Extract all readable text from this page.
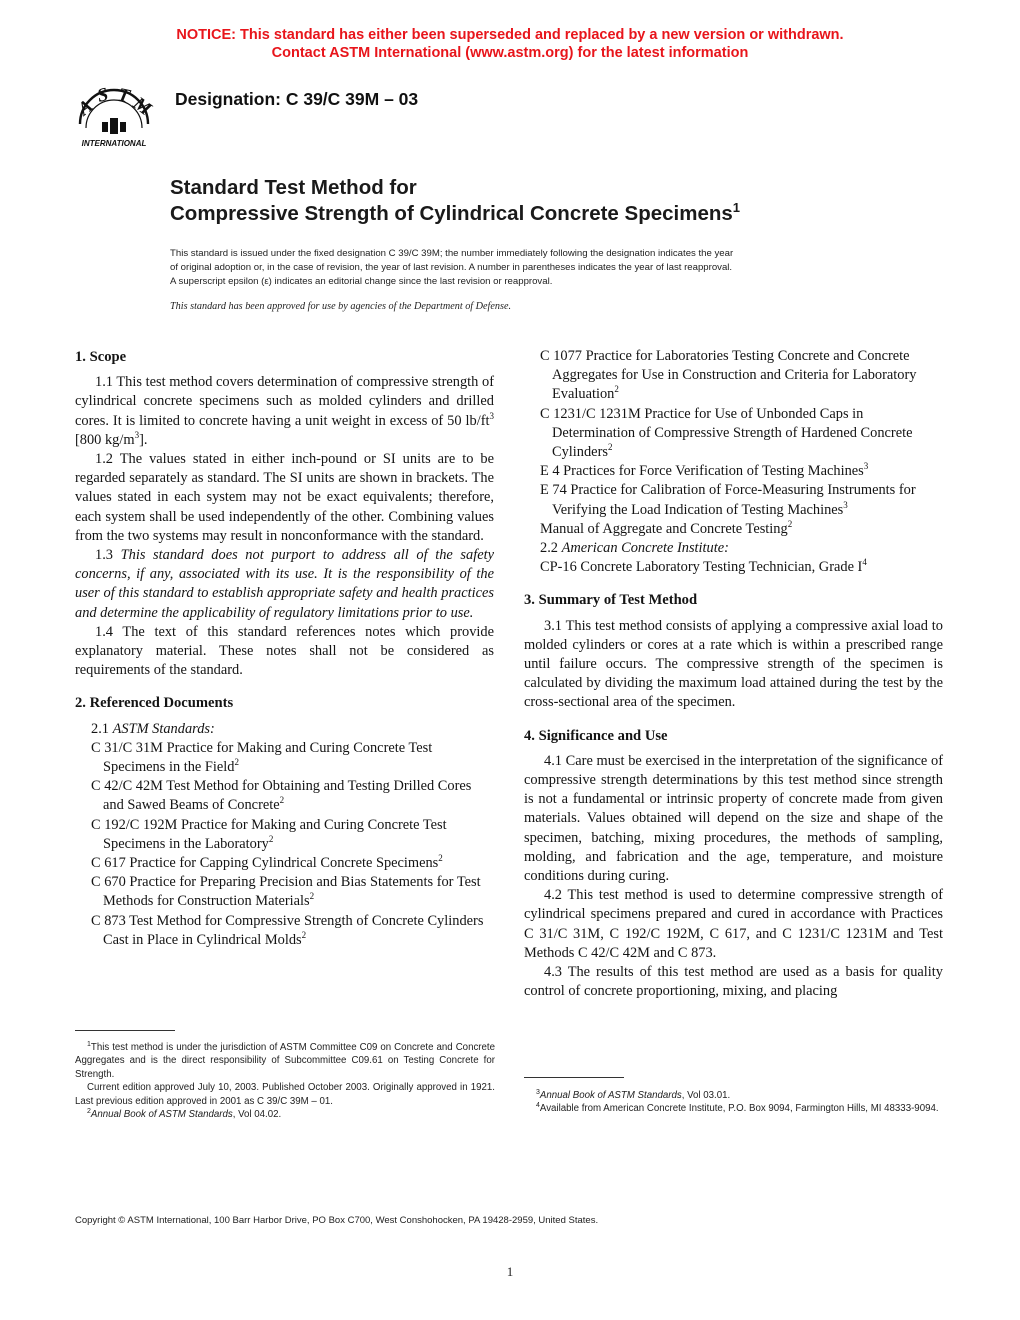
NOTICE: This standard has either been superseded and replaced by a new version or withdrawn.
Contact ASTM International (www.astm.org) for the latest information
A
S T
M
INTERNATIONAL
Designation: C 39/C 39M – 03
Standard Test Method for
Compressive Strength of Cylindrical Concrete Specimens$^1$
This standard is issued under the fixed designation C 39/C 39M; the number immediately following the designation indicates the year
of original adoption or, in the case of revision, the year of last revision. A number in parentheses indicates the year of last reapproval.
A superscript epsilon (ε) indicates an editorial change since the last revision or reapproval.
This standard has been approved for use by agencies of the Department of Defense.
1. Scope
1.1 This test method covers determination of compressive strength of cylindrical concrete specimens such as molded cylinders and drilled cores. It is limited to concrete having a unit weight in excess of 50 $lb/ft^3$ [800 $kg/m^3$].
1.2 The values stated in either inch-pound or SI units are to be regarded separately as standard. The SI units are shown in brackets. The values stated in each system may not be exact equivalents; therefore, each system shall be used independently of the other. Combining values from the two systems may result in nonconformance with the standard.
1.3 This standard does not purport to address all of the safety concerns, if any, associated with its use. It is the responsibility of the user of this standard to establish appropriate safety and health practices and determine the applicability of regulatory limitations prior to use.
1.4 The text of this standard references notes which provide explanatory material. These notes shall not be considered as requirements of the standard.
2. Referenced Documents
2.1 ASTM Standards:
C 31/C 31M Practice for Making and Curing Concrete Test Specimens in the Field$^2$
C 42/C 42M Test Method for Obtaining and Testing Drilled Cores and Sawed Beams of Concrete$^2$
C 192/C 192M Practice for Making and Curing Concrete Test Specimens in the Laboratory$^2$
C 617 Practice for Capping Cylindrical Concrete Specimens$^2$
C 670 Practice for Preparing Precision and Bias Statements for Test Methods for Construction Materials$^2$
C 873 Test Method for Compressive Strength of Concrete Cylinders Cast in Place in Cylindrical Molds$^2$
$^1$This test method is under the jurisdiction of ASTM Committee C09 on Concrete and Concrete Aggregates and is the direct responsibility of Subcommittee C09.61 on Testing Concrete for Strength.
Current edition approved July 10, 2003. Published October 2003. Originally approved in 1921. Last previous edition approved in 2001 as C 39/C 39M – 01.
$^2$Annual Book of ASTM Standards, Vol 04.02.
C 1077 Practice for Laboratories Testing Concrete and Concrete Aggregates for Use in Construction and Criteria for Laboratory Evaluation$^2$
C 1231/C 1231M Practice for Use of Unbonded Caps in Determination of Compressive Strength of Hardened Concrete Cylinders$^2$
E 4 Practices for Force Verification of Testing Machines$^3$
E 74 Practice for Calibration of Force-Measuring Instruments for Verifying the Load Indication of Testing Machines$^3$
Manual of Aggregate and Concrete Testing$^2$
2.2 American Concrete Institute:
CP-16 Concrete Laboratory Testing Technician, Grade $I^4$
3. Summary of Test Method
3.1 This test method consists of applying a compressive axial load to molded cylinders or cores at a rate which is within a prescribed range until failure occurs. The compressive strength of the specimen is calculated by dividing the maximum load attained during the test by the cross-sectional area of the specimen.
4. Significance and Use
4.1 Care must be exercised in the interpretation of the significance of compressive strength determinations by this test method since strength is not a fundamental or intrinsic property of concrete made from given materials. Values obtained will depend on the size and shape of the specimen, batching, mixing procedures, the methods of sampling, molding, and fabrication and the age, temperature, and moisture conditions during curing.
4.2 This test method is used to determine compressive strength of cylindrical specimens prepared and cured in accordance with Practices C 31/C 31M, C 192/C 192M, C 617, and C 1231/C 1231M and Test Methods C 42/C 42M and C 873.
4.3 The results of this test method are used as a basis for quality control of concrete proportioning, mixing, and placing
$^3$Annual Book of ASTM Standards, Vol 03.01.
$^4$Available from American Concrete Institute, P.O. Box 9094, Farmington Hills, MI 48333-9094.
Copyright © ASTM International, 100 Barr Harbor Drive, PO Box C700, West Conshohocken, PA 19428-2959, United States.
1
